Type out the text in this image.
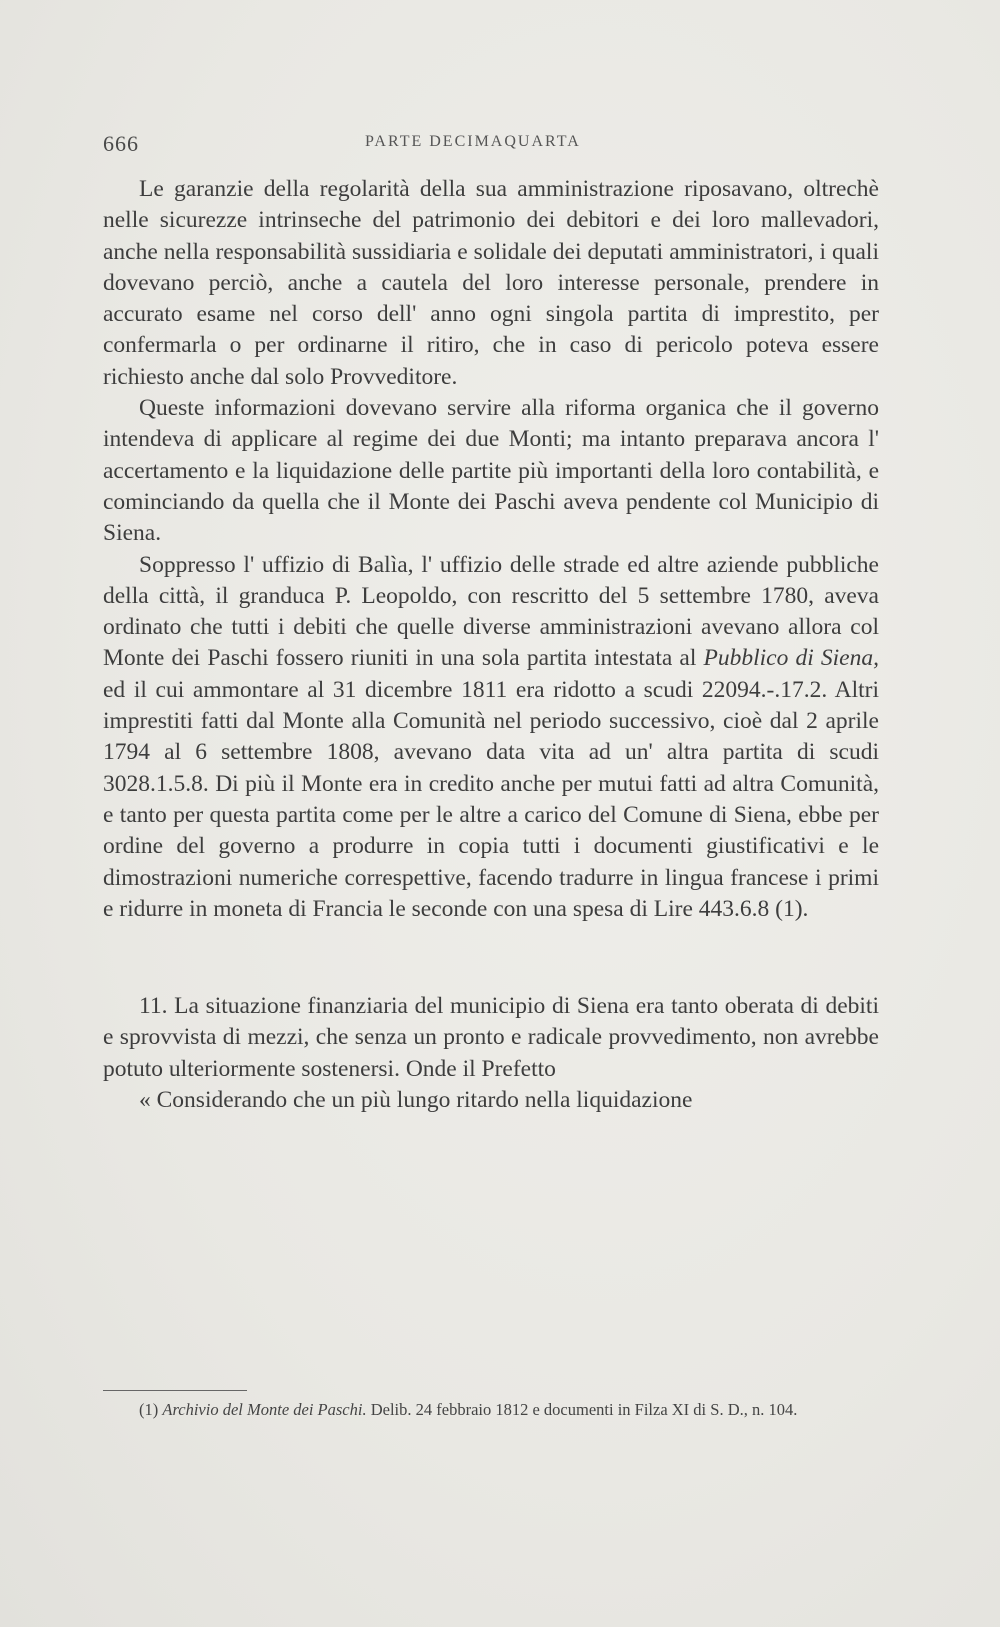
666	PARTE DECIMAQUARTA

Le garanzie della regolarità della sua amministrazione riposavano, oltrechè nelle sicurezze intrinseche del patrimonio dei debitori e dei loro mallevadori, anche nella responsabilità sussidiaria e solidale dei deputati amministratori, i quali dovevano perciò, anche a cautela del loro interesse personale, prendere in accurato esame nel corso dell' anno ogni singola partita di imprestito, per confermarla o per ordinarne il ritiro, che in caso di pericolo poteva essere richiesto anche dal solo Provveditore.

Queste informazioni dovevano servire alla riforma organica che il governo intendeva di applicare al regime dei due Monti; ma intanto preparava ancora l' accertamento e la liquidazione delle partite più importanti della loro contabilità, e cominciando da quella che il Monte dei Paschi aveva pendente col Municipio di Siena.

Soppresso l' uffizio di Balìa, l' uffizio delle strade ed altre aziende pubbliche della città, il granduca P. Leopoldo, con rescritto del 5 settembre 1780, aveva ordinato che tutti i debiti che quelle diverse amministrazioni avevano allora col Monte dei Paschi fossero riuniti in una sola partita intestata al Pubblico di Siena, ed il cui ammontare al 31 dicembre 1811 era ridotto a scudi 22094.-.17.2. Altri imprestiti fatti dal Monte alla Comunità nel periodo successivo, cioè dal 2 aprile 1794 al 6 settembre 1808, avevano data vita ad un' altra partita di scudi 3028.1.5.8. Di più il Monte era in credito anche per mutui fatti ad altra Comunità, e tanto per questa partita come per le altre a carico del Comune di Siena, ebbe per ordine del governo a produrre in copia tutti i documenti giustificativi e le dimostrazioni numeriche correspettive, facendo tradurre in lingua francese i primi e ridurre in moneta di Francia le seconde con una spesa di Lire 443.6.8 (1).

11. La situazione finanziaria del municipio di Siena era tanto oberata di debiti e sprovvista di mezzi, che senza un pronto e radicale provvedimento, non avrebbe potuto ulteriormente sostenersi. Onde il Prefetto

« Considerando che un più lungo ritardo nella liquidazione

(1) Archivio del Monte dei Paschi. Delib. 24 febbraio 1812 e documenti in Filza XI di S. D., n. 104.
